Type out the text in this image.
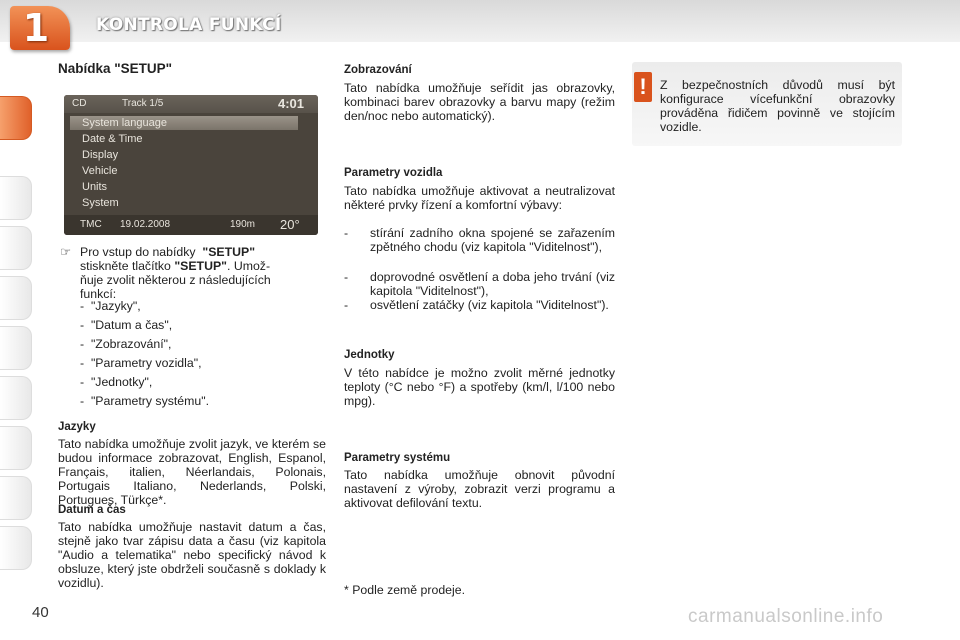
1	KONTROLA FUNKCÍ
Nabídka "SETUP"
CD	Track 1/5	4:01
System language
Date & Time
Display
Vehicle
Units
System
TMC 19.02.2008	190m 20°
☞ Pro vstup do nabídky "SETUP"
stiskněte tlačítko "SETUP". Umož-
ňuje zvolit některou z následujících
funkcí:
-  "Jazyky",
-  "Datum a čas",
-  "Zobrazování",
-  "Parametry vozidla",
-  "Jednotky",
-  "Parametry systému".
Jazyky

Tato nabídka umožňuje zvolit jazyk, ve kterém se budou informace zobrazovat, English, Espanol, Français, italien, Néerlandais, Polonais, Portugais Italiano, Nederlands, Polski, Portugues, Türkçe*.

Datum a čas

Tato nabídka umožňuje nastavit datum a čas, stejně jako tvar zápisu data a času (viz kapitola "Audio a telematika" nebo specifický návod k obsluze, který jste obdrželi současně s doklady k vozidlu).

Zobrazování

Tato nabídka umožňuje seřídit jas obrazovky, kombinaci barev obrazovky a barvu mapy (režim den/noc nebo automatický).

Parametry vozidla

Tato nabídka umožňuje aktivovat a neutralizovat některé prvky řízení a komfortní výbavy:

- stírání zadního okna spojené se zařazením zpětného chodu (viz kapitola "Viditelnost"),

- doprovodné osvětlení a doba jeho trvání (viz kapitola "Viditelnost"),

- osvětlení zatáčky (viz kapitola "Viditelnost").

Jednotky

V této nabídce je možno zvolit měrné jednotky teploty (°C nebo °F) a spotřeby (km/l, l/100 nebo mpg).

Parametry systému

Tato nabídka umožňuje obnovit původní nastavení z výroby, zobrazit verzi programu a aktivovat defilování textu.

* Podle země prodeje.
!	Z bezpečnostních důvodů musí být konfigurace vícefunkční obrazovky prováděna řidičem povinně ve stojícím vozidle.

40	carmanualsonline.info
